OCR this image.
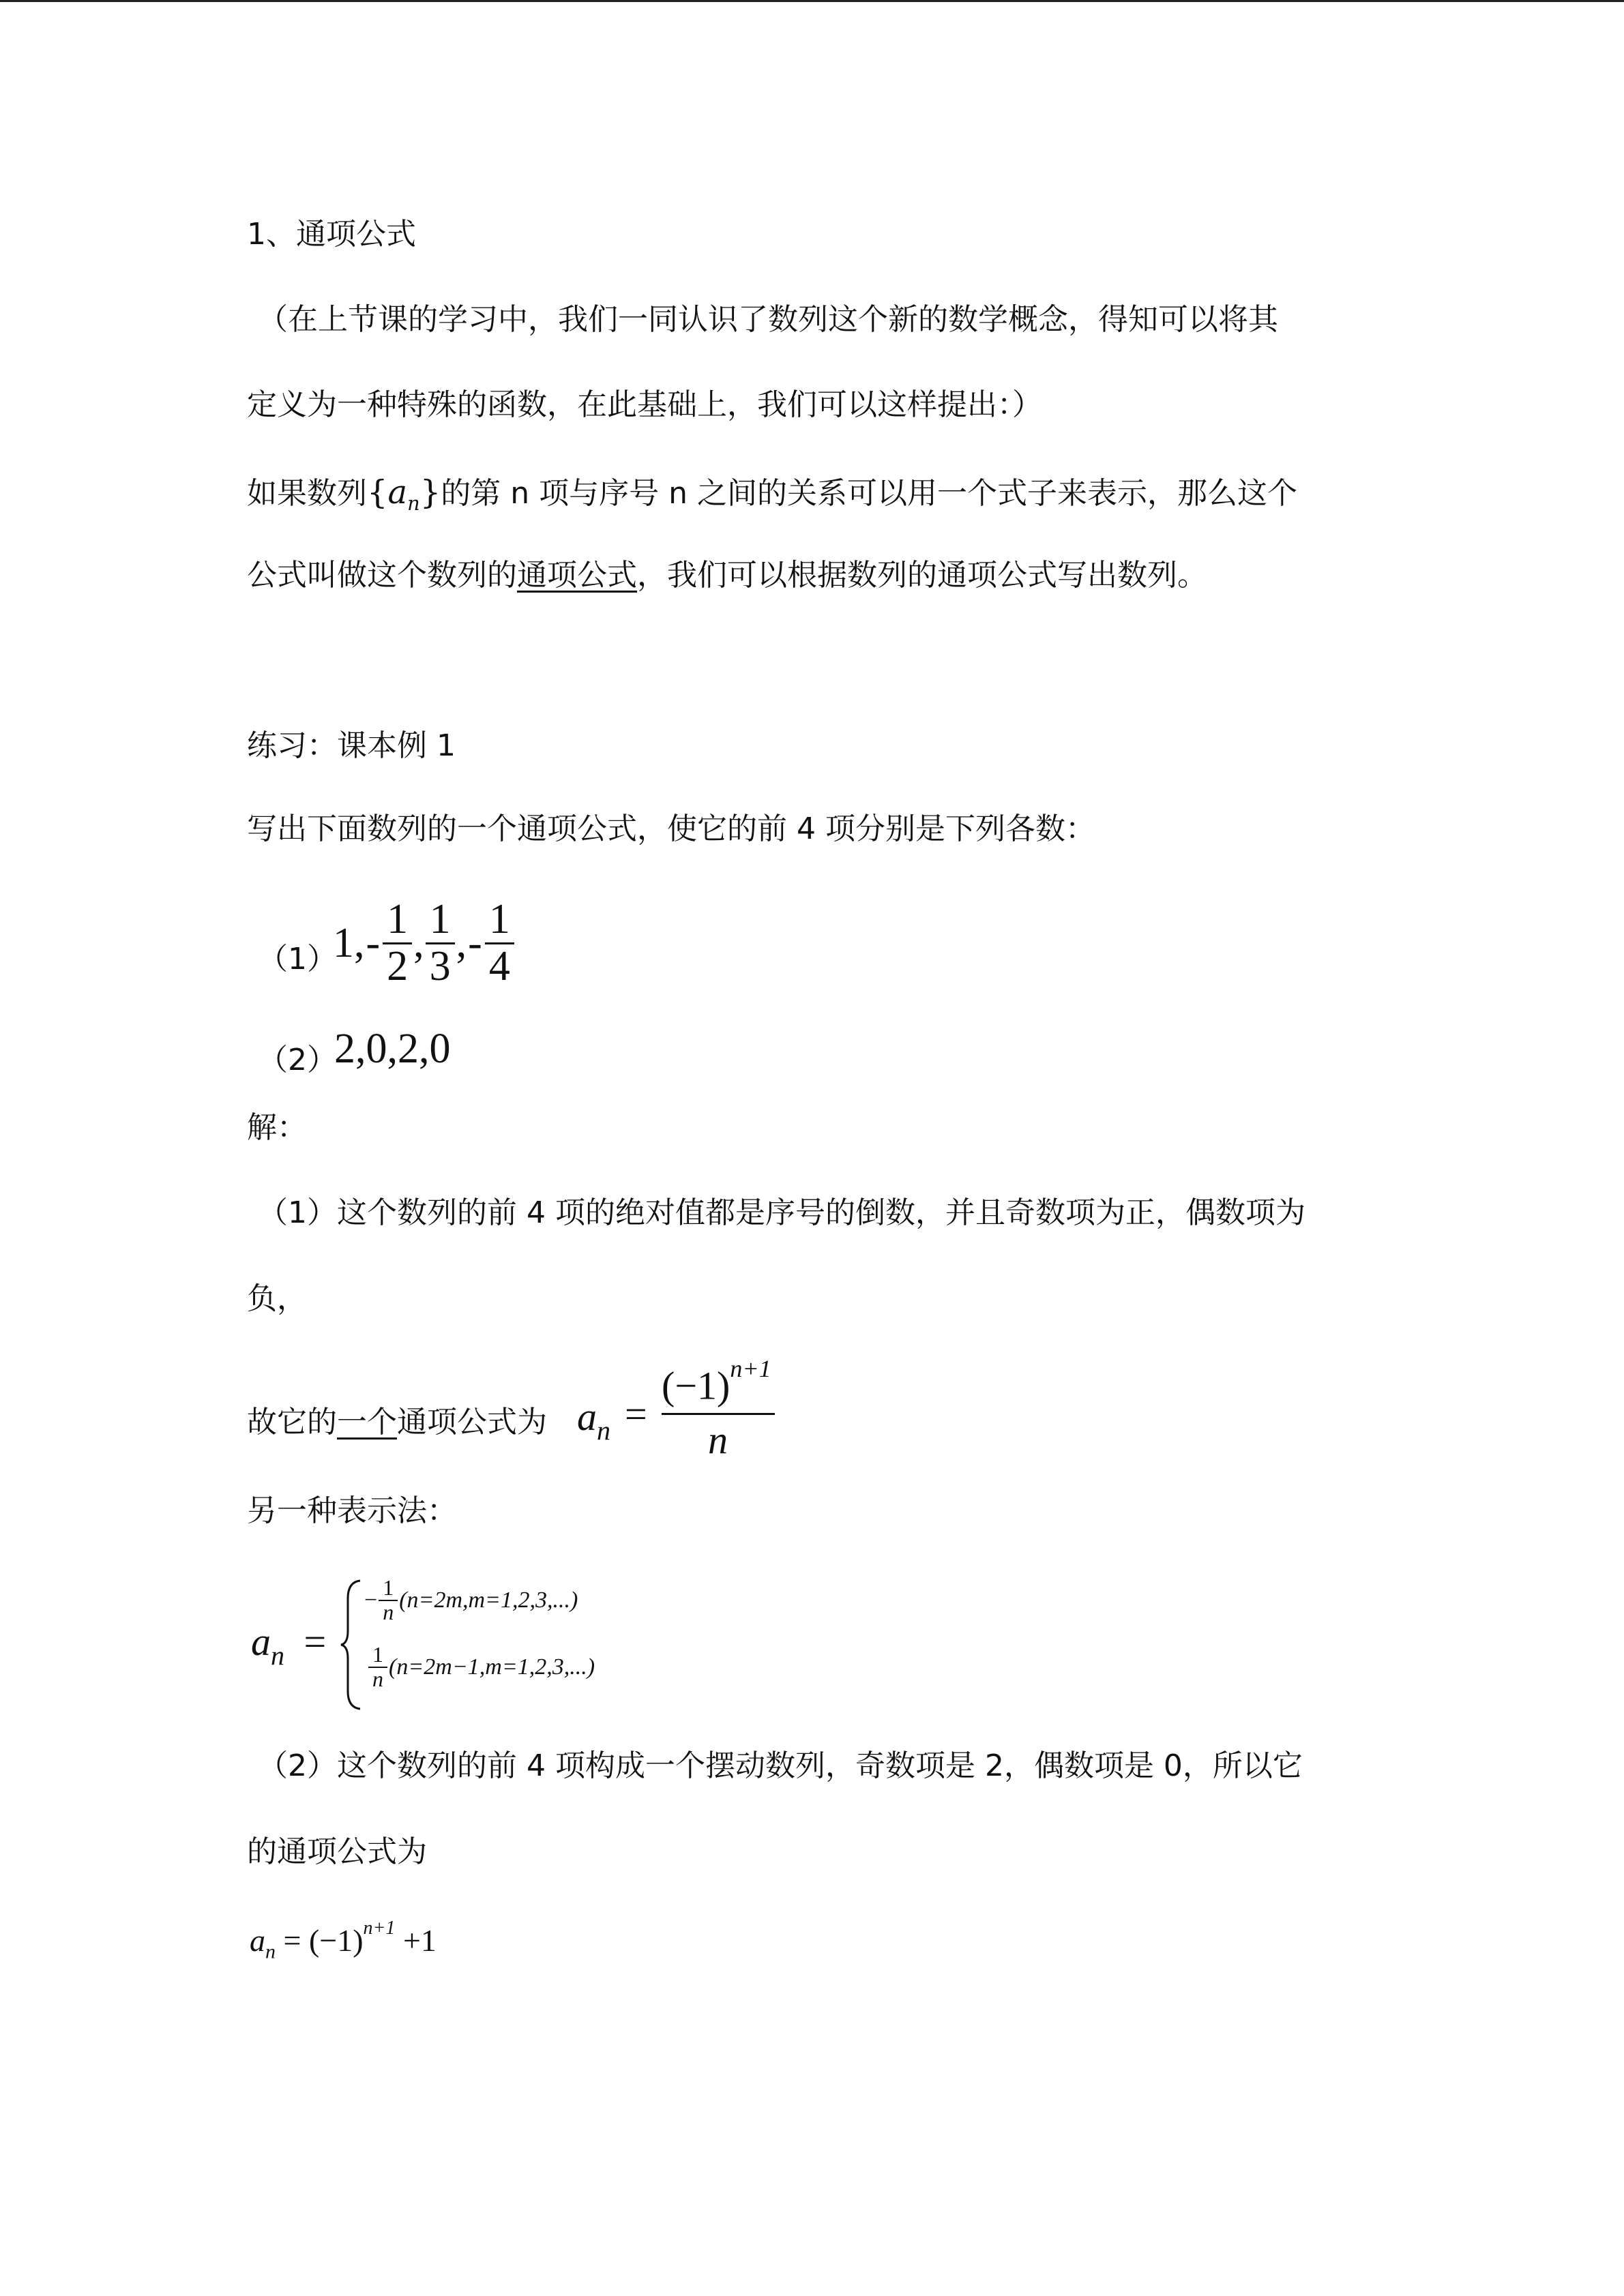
1、通项公式
（在上节课的学习中，我们一同认识了数列这个新的数学概念，得知可以将其
定义为一种特殊的函数，在此基础上，我们可以这样提出：）
如果数列$\{a_n\}$的第 n 项与序号 n 之间的关系可以用一个式子来表示，那么这个
公式叫做这个数列的通项公式，我们可以根据数列的通项公式写出数列。
练习：课本例 1
写出下面数列的一个通项公式，使它的前 4 项分别是下列各数：
（1）
1, - $\frac{1}{2}$ , $\frac{1}{3}$ , - $\frac{1}{4}$
（2）
2,0,2,0
解：
（1）这个数列的前 4 项的绝对值都是序号的倒数，并且奇数项为正，偶数项为
负，
故它的一个通项公式为 $a_n$ =
$(-1)^{n+1}$
n
另一种表示法：
$a_n$ =
− $\frac{1}{n} (n=2m,m=1,2,3,...)$
$\frac{1}{n} (n=2m-1,m=1,2,3,...)$
（2）这个数列的前 4 项构成一个摆动数列，奇数项是 2，偶数项是 0，所以它
的通项公式为
$a_n = (-1)^{n+1} +1$
